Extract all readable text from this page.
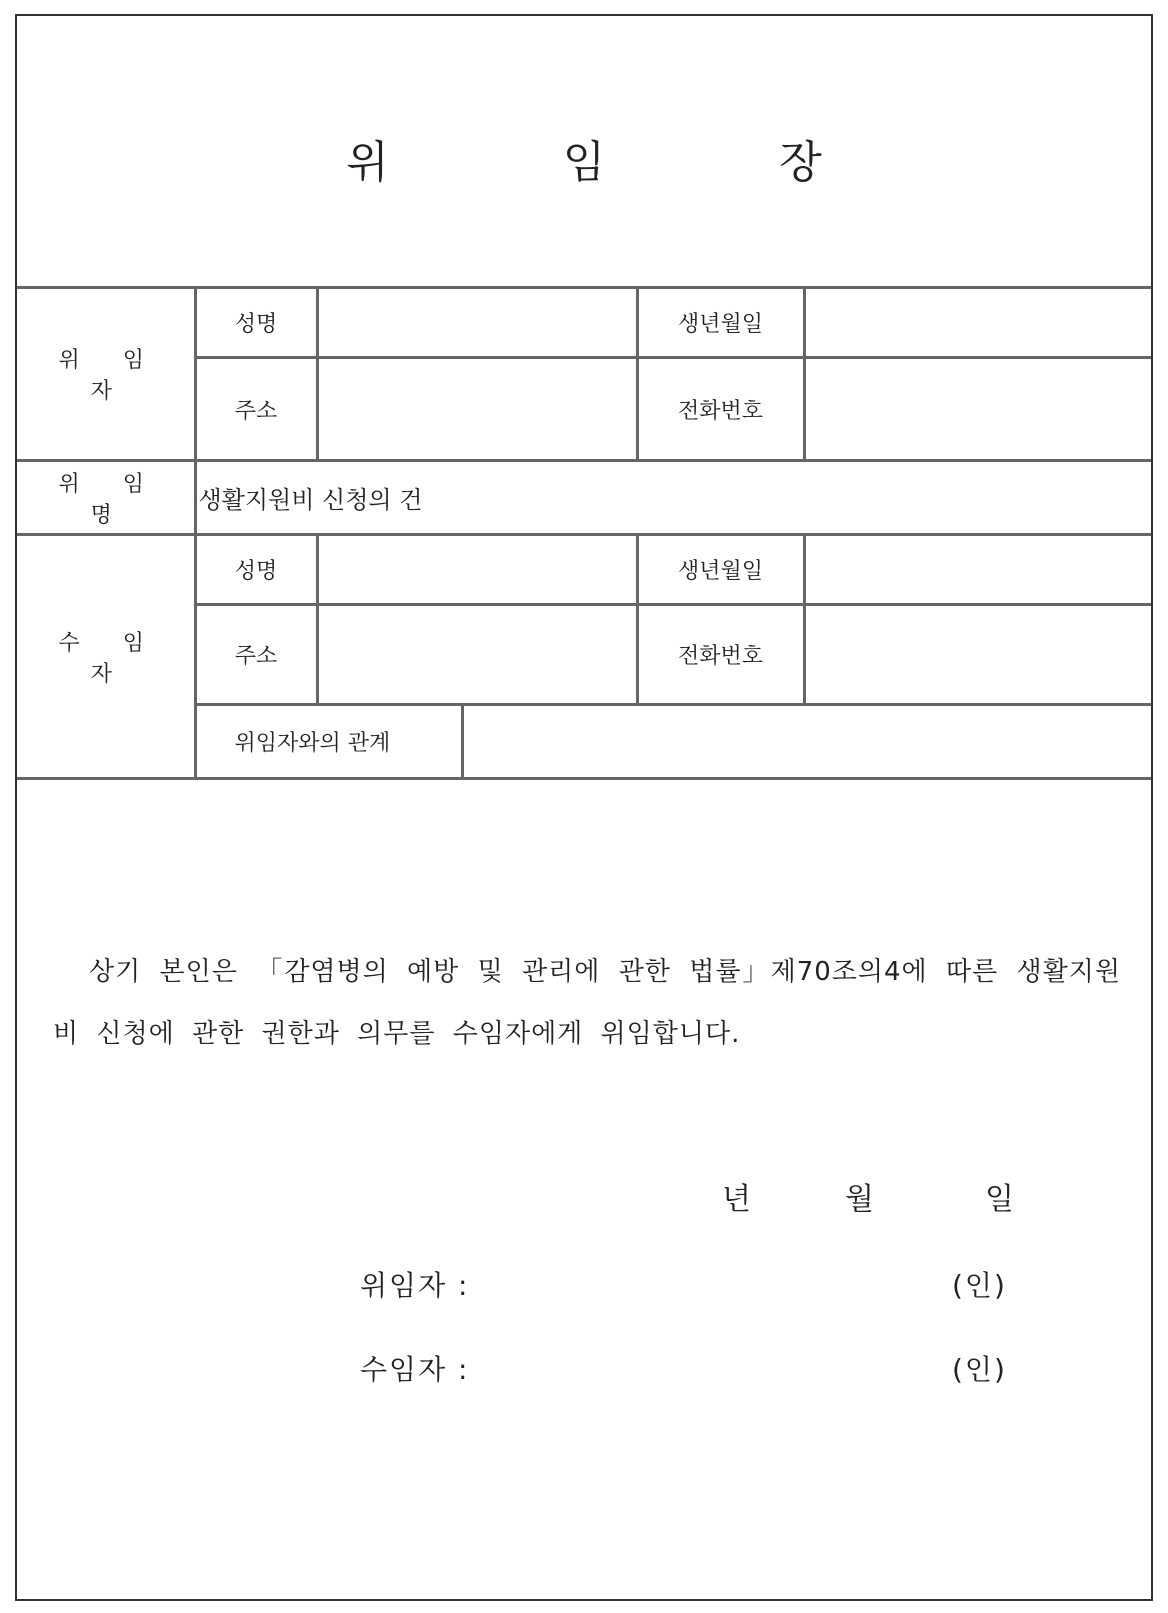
위 임 장
위 임 자	성명			생년월일	
	주소			전화번호	
위 임 명	생활지원비 신청의 건				
수 임 자	성명			생년월일	
	주소			전화번호	
	위임자와의 관계				
상기 본인은 「감염병의 예방 및 관리에 관한 법률」제70조의4에 따른 생활지원비 신청에 관한 권한과 의무를 수임자에게 위임합니다.
년	월	일
위임자 :	(인)
수임자 :	(인)
